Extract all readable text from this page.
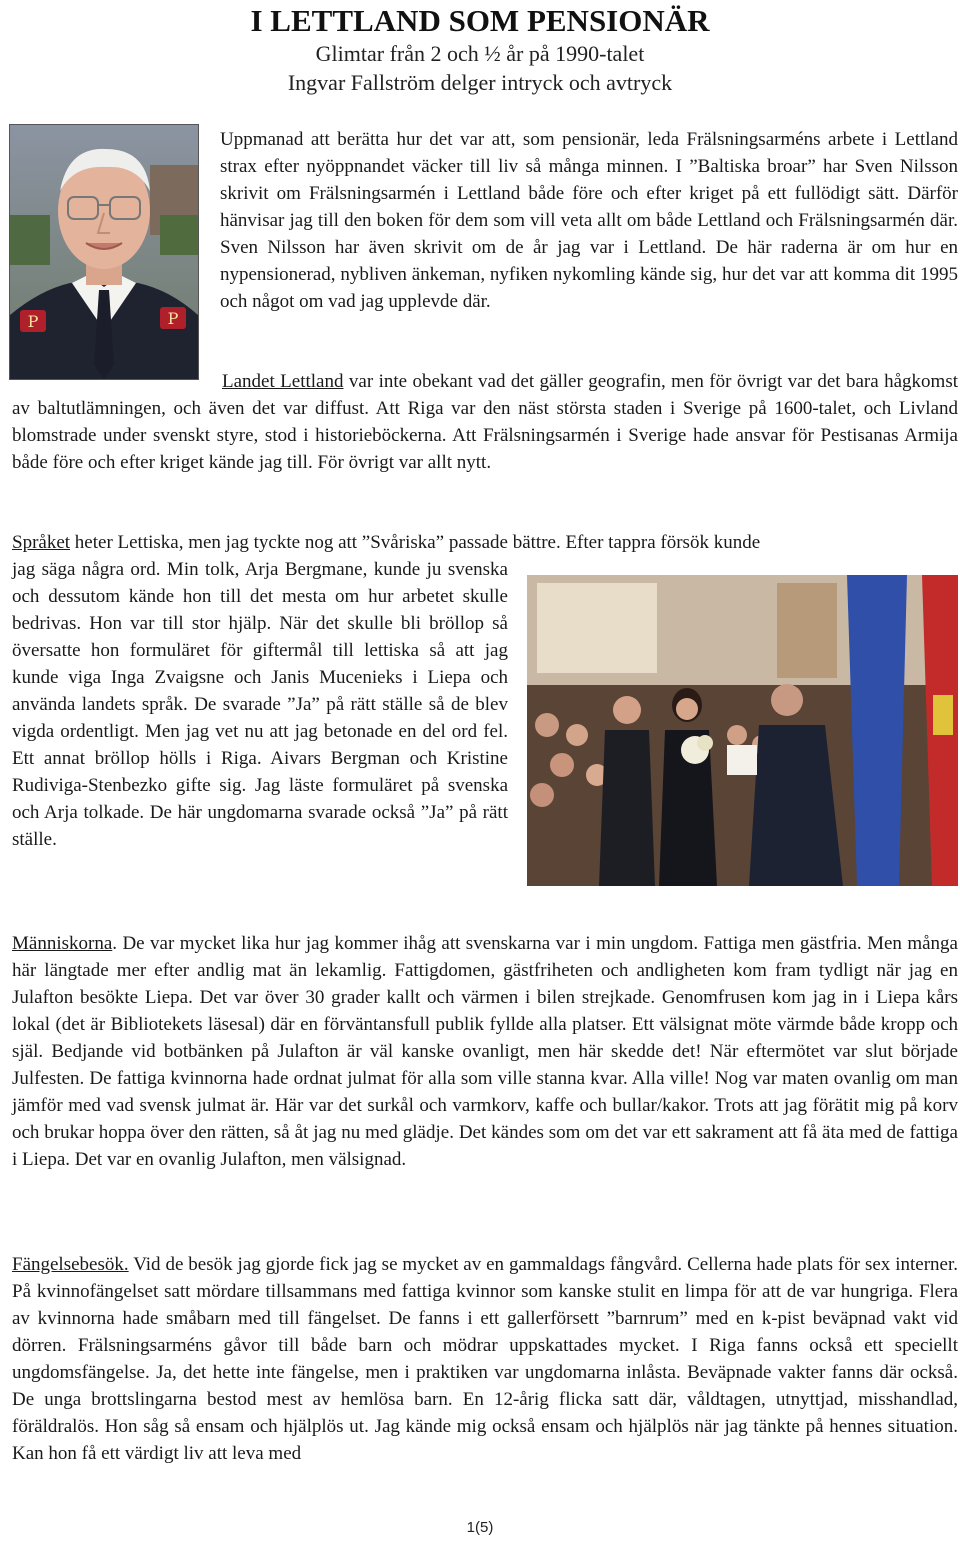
I LETTLAND SOM PENSIONÄR
Glimtar från 2 och ½ år på 1990-talet
Ingvar Fallström delger intryck och avtryck
P	P

Uppmanad att berätta hur det var att, som pensionär, leda Frälsningsarméns arbete i Lettland strax efter nyöppnandet väcker till liv så många minnen. I ”Baltiska broar” har Sven Nilsson skrivit om Frälsningsarmén i Lettland både före och efter kriget på ett fullödigt sätt. Därför hänvisar jag till den boken för dem som vill veta allt om både Lettland och Frälsningsarmén där. Sven Nilsson har även skrivit om de år jag var i Lettland. De här raderna är om hur en nypensionerad, nybliven änkeman, nyfiken nykomling kände sig, hur det var att komma dit 1995 och något om vad jag upplevde där.

Landet Lettland var inte obekant vad det gäller geografin, men för övrigt var det bara hågkomst av baltutlämningen, och även det var diffust. Att Riga var den näst största staden i Sverige på 1600-talet, och Livland blomstrade under svenskt styre, stod i historieböckerna. Att Frälsningsarmén i Sverige hade ansvar för Pestisanas Armija både före och efter kriget kände jag till. För övrigt var allt nytt.

Språket heter Lettiska, men jag tyckte nog att ”Svåriska” passade bättre. Efter tappra försök kunde

jag säga några ord. Min tolk, Arja Bergmane, kunde ju svenska och dessutom kände hon till det mesta om hur arbetet skulle bedrivas. Hon var till stor hjälp. När det skulle bli bröllop så översatte hon formuläret för giftermål till lettiska så att jag kunde viga Inga Zvaigsne och Janis Mucenieks i Liepa och använda landets språk. De svarade ”Ja” på rätt ställe så de blev vigda ordentligt. Men jag vet nu att jag betonade en del ord fel. Ett annat bröllop hölls i Riga. Aivars Bergman och Kristine Rudiviga-Stenbezko gifte sig. Jag läste formuläret på svenska och Arja tolkade. De här ungdomarna svarade också ”Ja” på rätt ställe.

Människorna. De var mycket lika hur jag kommer ihåg att svenskarna var i min ungdom. Fattiga men gästfria. Men många här längtade mer efter andlig mat än lekamlig. Fattigdomen, gästfriheten och andligheten kom fram tydligt när jag en Julafton besökte Liepa. Det var över 30 grader kallt och värmen i bilen strejkade. Genomfrusen kom jag in i Liepa kårs lokal (det är Bibliotekets läsesal) där en förväntansfull publik fyllde alla platser. Ett välsignat möte värmde både kropp och själ. Bedjande vid botbänken på Julafton är väl kanske ovanligt, men här skedde det! När eftermötet var slut började Julfesten. De fattiga kvinnorna hade ordnat julmat för alla som ville stanna kvar. Alla ville! Nog var maten ovanlig om man jämför med vad svensk julmat är. Här var det surkål och varmkorv, kaffe och bullar/kakor. Trots att jag förätit mig på korv och brukar hoppa över den rätten, så åt jag nu med glädje. Det kändes som om det var ett sakrament att få äta med de fattiga i Liepa. Det var en ovanlig Julafton, men välsignad.

Fängelsebesök. Vid de besök jag gjorde fick jag se mycket av en gammaldags fångvård. Cellerna hade plats för sex interner. På kvinnofängelset satt mördare tillsammans med fattiga kvinnor som kanske stulit en limpa för att de var hungriga. Flera av kvinnorna hade småbarn med till fängelset. De fanns i ett gallerförsett ”barnrum” med en k-pist beväpnad vakt vid dörren. Frälsningsarméns gåvor till både barn och mödrar uppskattades mycket. I Riga fanns också ett speciellt ungdomsfängelse. Ja, det hette inte fängelse, men i praktiken var ungdomarna inlåsta. Beväpnade vakter fanns där också. De unga brottslingarna bestod mest av hemlösa barn. En 12-årig flicka satt där, våldtagen, utnyttjad, misshandlad, föräldralös. Hon såg så ensam och hjälplös ut. Jag kände mig också ensam och hjälplös när jag tänkte på hennes situation. Kan hon få ett värdigt liv att leva med

1(5)
